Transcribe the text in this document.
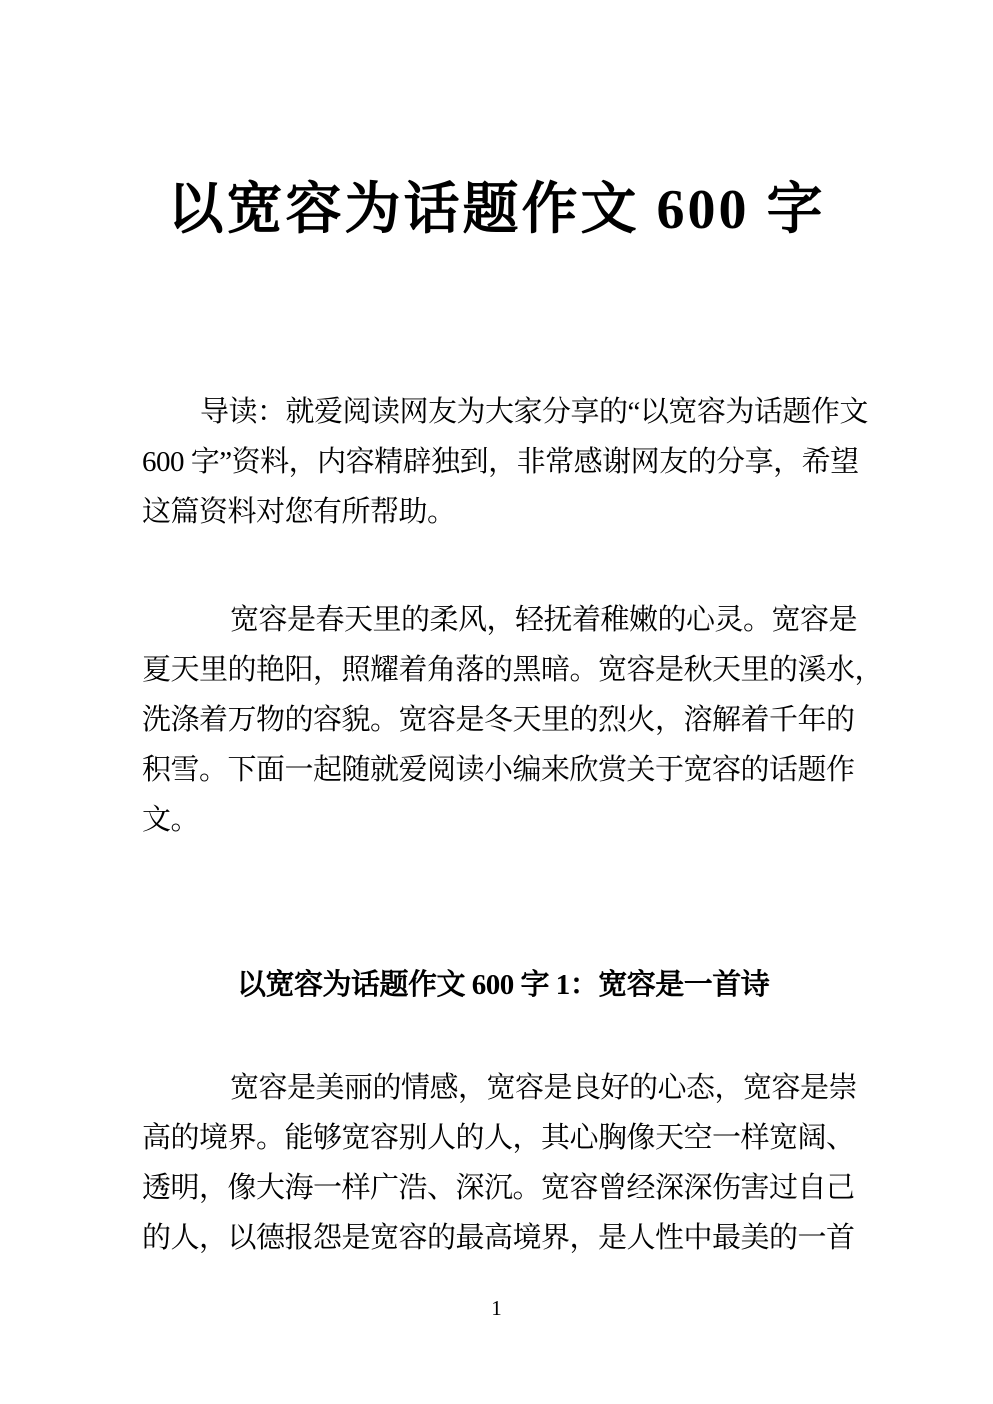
以宽容为话题作文 600 字
导读：就爱阅读网友为大家分享的“以宽容为话题作文
600 字”资料，内容精辟独到，非常感谢网友的分享，希望
这篇资料对您有所帮助。
宽容是春天里的柔风，轻抚着稚嫩的心灵。宽容是
夏天里的艳阳，照耀着角落的黑暗。宽容是秋天里的溪水，
洗涤着万物的容貌。宽容是冬天里的烈火，溶解着千年的
积雪。下面一起随就爱阅读小编来欣赏关于宽容的话题作
文。
以宽容为话题作文 600 字 1：宽容是一首诗
宽容是美丽的情感，宽容是良好的心态，宽容是崇
高的境界。能够宽容别人的人，其心胸像天空一样宽阔、
透明，像大海一样广浩、深沉。宽容曾经深深伤害过自己
的人，以德报怨是宽容的最高境界，是人性中最美的一首
1
